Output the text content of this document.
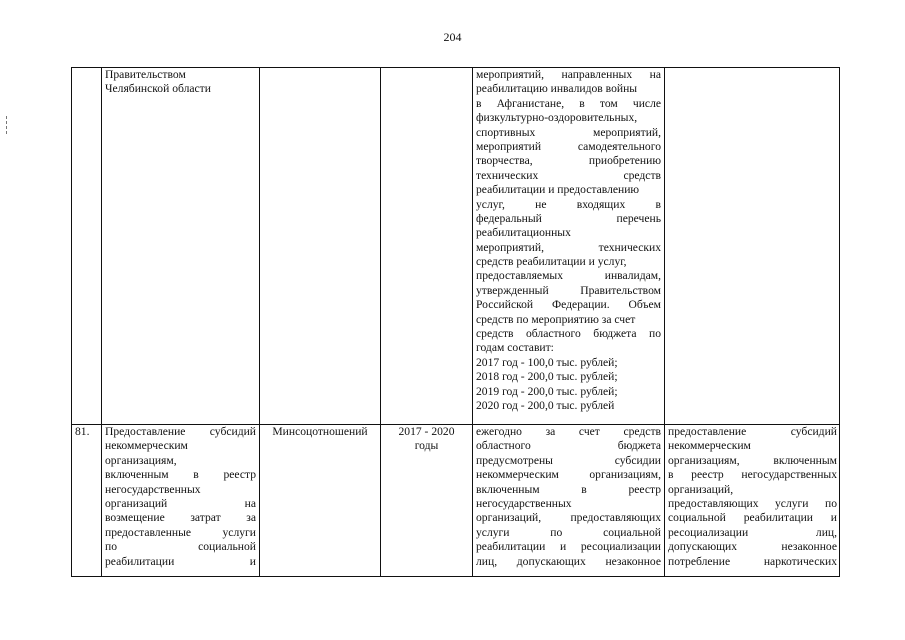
204
Правительством
Челябинской области
мероприятий, направленных на
реабилитацию инвалидов войны
в Афганистане, в том числе
физкультурно-оздоровительных,
спортивных мероприятий,
мероприятий самодеятельного
творчества, приобретению
технических средств
реабилитации и предоставлению
услуг, не входящих в
федеральный перечень
реабилитационных
мероприятий, технических
средств реабилитации и услуг,
предоставляемых инвалидам,
утвержденный Правительством
Российской Федерации. Объем
средств по мероприятию за счет
средств областного бюджета по
годам составит:
2017 год - 100,0 тыс. рублей;
2018 год - 200,0 тыс. рублей;
2019 год - 200,0 тыс. рублей;
2020 год - 200,0 тыс. рублей
81.	Предоставление субсидий
некоммерческим
организациям,
включенным в реестр
негосударственных
организаций на
возмещение затрат за
предоставленные услуги
по социальной
реабилитации и
Минсоцотношений	2017 - 2020
годы
ежегодно за счет средств
областного бюджета
предусмотрены субсидии
некоммерческим организациям,
включенным в реестр
негосударственных
организаций, предоставляющих
услуги по социальной
реабилитации и ресоциализации
лиц, допускающих незаконное
предоставление субсидий
некоммерческим
организациям, включенным
в реестр негосударственных
организаций,
предоставляющих услуги по
социальной реабилитации и
ресоциализации лиц,
допускающих незаконное
потребление наркотических
